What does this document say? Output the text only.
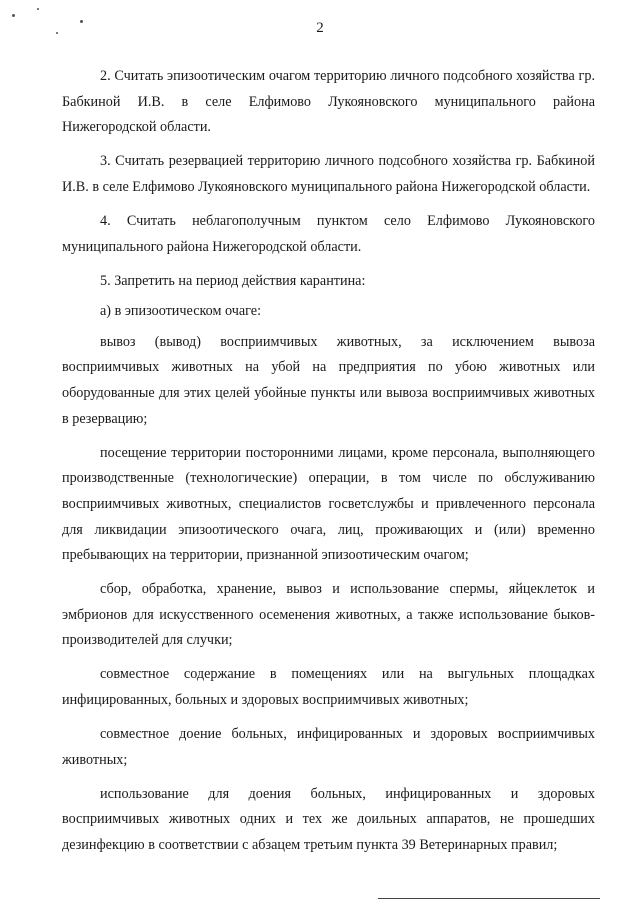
2

2. Считать эпизоотическим очагом территорию личного подсобного хозяйства гр. Бабкиной И.В. в селе Елфимово Лукояновского муниципального района Нижегородской области.

3. Считать резервацией территорию личного подсобного хозяйства гр. Бабкиной И.В. в селе Елфимово Лукояновского муниципального района Нижегородской области.

4. Считать неблагополучным пунктом село Елфимово Лукояновского муниципального района Нижегородской области.

5. Запретить на период действия карантина:

а) в эпизоотическом очаге:

вывоз (вывод) восприимчивых животных, за исключением вывоза восприимчивых животных на убой на предприятия по убою животных или оборудованные для этих целей убойные пункты или вывоза восприимчивых животных в резервацию;

посещение территории посторонними лицами, кроме персонала, выполняющего производственные (технологические) операции, в том числе по обслуживанию восприимчивых животных, специалистов госветслужбы и привлеченного персонала для ликвидации эпизоотического очага, лиц, проживающих и (или) временно пребывающих на территории, признанной эпизоотическим очагом;

сбор, обработка, хранение, вывоз и использование спермы, яйцеклеток и эмбрионов для искусственного осеменения животных, а также использование быков-производителей для случки;

совместное содержание в помещениях или на выгульных площадках инфицированных, больных и здоровых восприимчивых животных;

совместное доение больных, инфицированных и здоровых восприимчивых животных;

использование для доения больных, инфицированных и здоровых восприимчивых животных одних и тех же доильных аппаратов, не прошедших дезинфекцию в соответствии с абзацем третьим пункта 39 Ветеринарных правил;
